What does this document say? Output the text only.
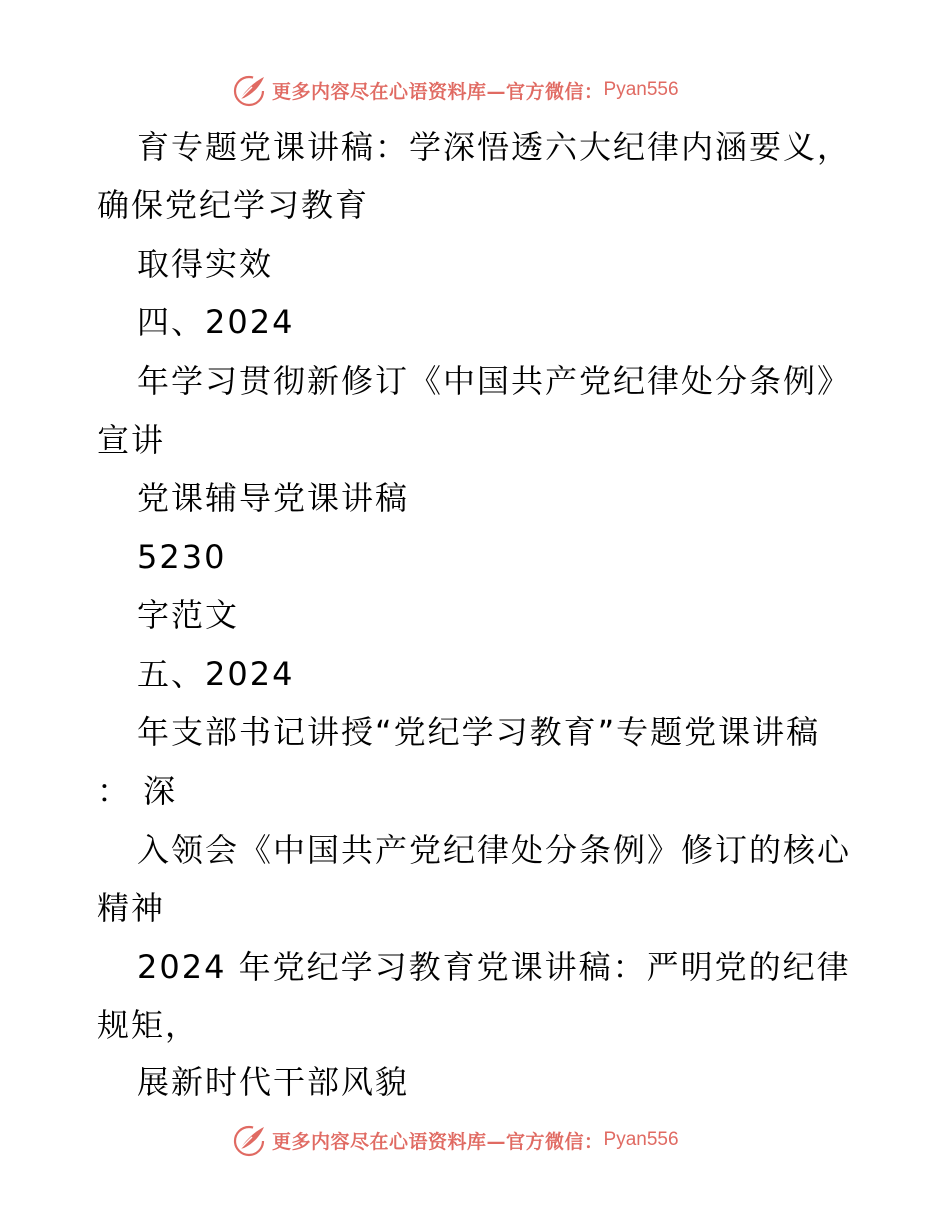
更多内容尽在心语资料库—官方微信： Pyan556
育专题党课讲稿：学深悟透六大纪律内涵要义，
确保党纪学习教育
取得实效
四、2024
年学习贯彻新修订《中国共产党纪律处分条例》
宣讲
党课辅导党课讲稿
5230
字范文
五、2024
年支部书记讲授“党纪学习教育”专题党课讲稿
： 深
入领会《中国共产党纪律处分条例》修订的核心
精神
2024 年党纪学习教育党课讲稿：严明党的纪律
规矩，
展新时代干部风貌
更多内容尽在心语资料库—官方微信： Pyan556
